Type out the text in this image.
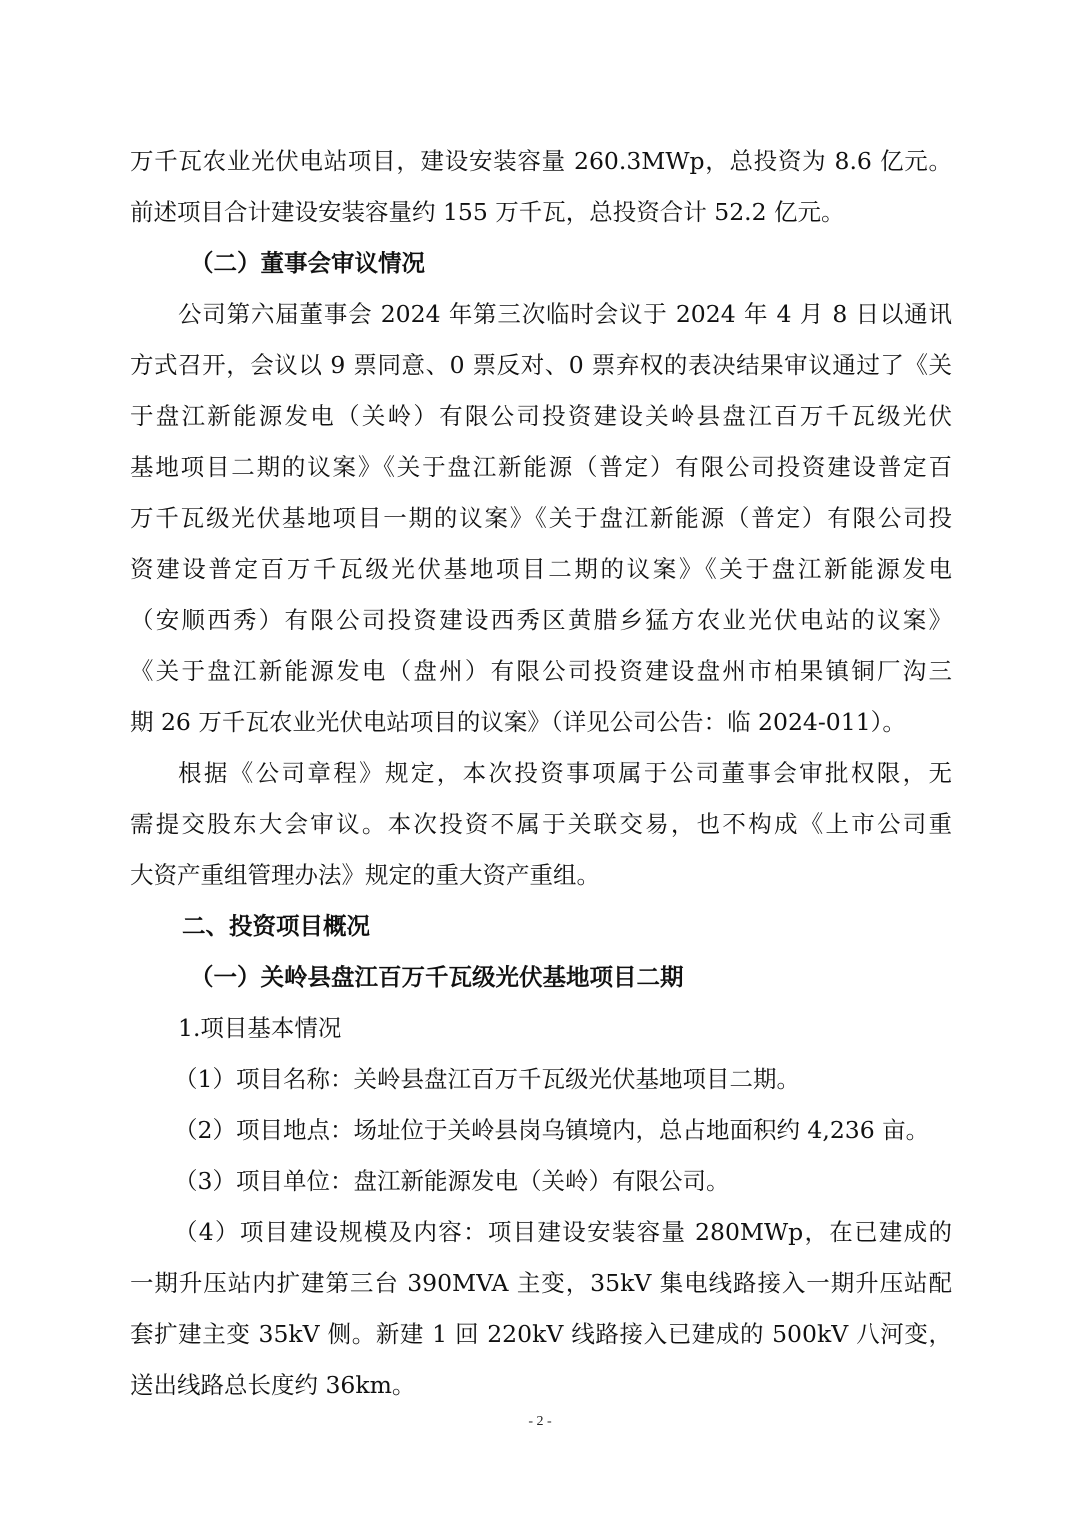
万千瓦农业光伏电站项目，建设安装容量 260.3MWp，总投资为 8.6 亿元。
前述项目合计建设安装容量约 155 万千瓦，总投资合计 52.2 亿元。
（二）董事会审议情况
公司第六届董事会 2024 年第三次临时会议于 2024 年 4 月 8 日以通讯
方式召开，会议以 9 票同意、0 票反对、0 票弃权的表决结果审议通过了《关
于盘江新能源发电（关岭）有限公司投资建设关岭县盘江百万千瓦级光伏
基地项目二期的议案》《关于盘江新能源（普定）有限公司投资建设普定百
万千瓦级光伏基地项目一期的议案》《关于盘江新能源（普定）有限公司投
资建设普定百万千瓦级光伏基地项目二期的议案》《关于盘江新能源发电
（安顺西秀）有限公司投资建设西秀区黄腊乡猛方农业光伏电站的议案》
《关于盘江新能源发电（盘州）有限公司投资建设盘州市柏果镇铜厂沟三
期 26 万千瓦农业光伏电站项目的议案》（详见公司公告：临 2024-011）。
根据《公司章程》规定，本次投资事项属于公司董事会审批权限，无
需提交股东大会审议。本次投资不属于关联交易，也不构成《上市公司重
大资产重组管理办法》规定的重大资产重组。
二、投资项目概况
（一）关岭县盘江百万千瓦级光伏基地项目二期
1.项目基本情况
（1）项目名称：关岭县盘江百万千瓦级光伏基地项目二期。
（2）项目地点：场址位于关岭县岗乌镇境内，总占地面积约 4,236 亩。
（3）项目单位：盘江新能源发电（关岭）有限公司。
（4）项目建设规模及内容：项目建设安装容量 280MWp，在已建成的
一期升压站内扩建第三台 390MVA 主变，35kV 集电线路接入一期升压站配
套扩建主变 35kV 侧。新建 1 回 220kV 线路接入已建成的 500kV 八河变，
送出线路总长度约 36km。
- 2 -
